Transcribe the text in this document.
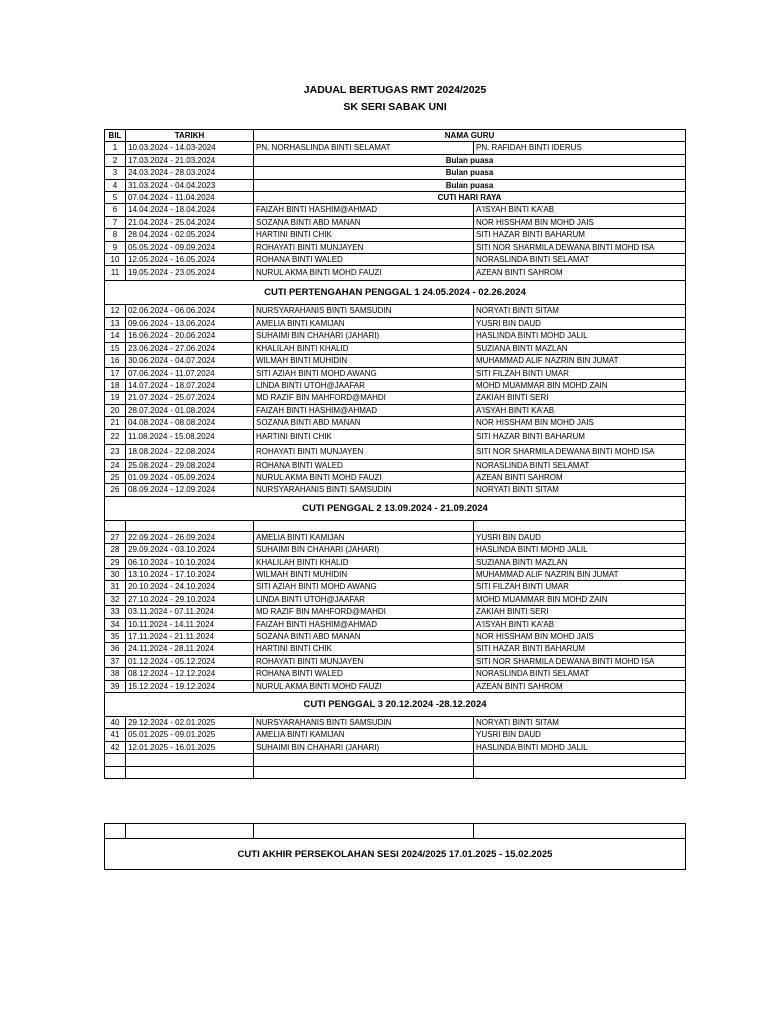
JADUAL BERTUGAS RMT 2024/2025
SK SERI SABAK UNI
BIL	TARIKH	NAMA GURU	
1	10.03.2024 - 14.03-2024	PN. NORHASLINDA BINTI SELAMAT	PN. RAFIDAH BINTI IDERUS
2	17.03.2024 - 21.03.2024	Bulan puasa	
3	24.03.2024 - 28.03.2024	Bulan puasa	
4	31.03.2024 - 04.04.2023	Bulan puasa	
5	07.04.2024 - 11.04.2024	CUTI HARI RAYA	
6	14.04.2024 - 18.04.2024	FAIZAH BINTI HASHIM@AHMAD	A'ISYAH BINTI KA'AB
7	21.04.2024 - 25.04.2024	SOZANA BINTI ABD MANAN	NOR HISSHAM BIN MOHD JAIS
8	28.04.2024 - 02.05.2024	HARTINI BINTI CHIK	SITI HAZAR BINTI BAHARUM
9	05.05.2024 - 09.09.2024	ROHAYATI BINTI MUNJAYEN	SITI NOR SHARMILA DEWANA BINTI MOHD ISA
10	12.05.2024 - 16.05.2024	ROHANA BINTI WALED	NORASLINDA BINTI SELAMAT
11	19.05.2024 - 23.05.2024	NURUL AKMA BINTI MOHD FAUZI	AZEAN BINTI SAHROM
CUTI PERTENGAHAN PENGGAL 1 24.05.2024 - 02.26.2024			
12	02.06.2024 - 06.06.2024	NURSYARAHANIS BINTI SAMSUDIN	NORYATI BINTI SITAM
13	09.06.2024 - 13.06.2024	AMELIA BINTI KAMIJAN	YUSRI BIN DAUD
14	16.06.2024 - 20.06.2024	SUHAIMI BIN CHAHARI (JAHARI)	HASLINDA BINTI MOHD JALIL
15	23.06.2024 - 27.06.2024	KHALILAH BINTI KHALID	SUZIANA BINTI MAZLAN
16	30.06.2024 - 04.07.2024	WILMAH BINTI MUHIDIN	MUHAMMAD ALIF NAZRIN BIN JUMAT
17	07.06.2024 - 11.07.2024	SITI AZIAH BINTI MOHD AWANG	SITI FILZAH BINTI UMAR
18	14.07.2024 - 18.07.2024	LINDA BINTI UTOH@JAAFAR	MOHD MUAMMAR BIN MOHD ZAIN
19	21.07.2024 - 25.07.2024	MD RAZIF BIN MAHFORD@MAHDI	ZAKIAH BINTI SERI
20	28.07.2024 - 01.08.2024	FAIZAH BINTI HASHIM@AHMAD	A'ISYAH BINTI KA'AB
21	04.08.2024 - 08.08.2024	SOZANA BINTI ABD MANAN	NOR HISSHAM BIN MOHD JAIS
22	11.08.2024 - 15.08.2024	HARTINI BINTI CHIK	SITI HAZAR BINTI BAHARUM
23	18.08.2024 - 22.08.2024	ROHAYATI BINTI MUNJAYEN	SITI NOR SHARMILA DEWANA BINTI MOHD ISA
24	25.08.2024 - 29.08.2024	ROHANA BINTI WALED	NORASLINDA BINTI SELAMAT
25	01.09.2024 - 05.09.2024	NURUL AKMA BINTI MOHD FAUZI	AZEAN BINTI SAHROM
26	08.09.2024 - 12.09.2024	NURSYARAHANIS BINTI SAMSUDIN	NORYATI BINTI SITAM
CUTI PENGGAL 2 13.09.2024 - 21.09.2024			

27	22.09.2024 - 26.09.2024	AMELIA BINTI KAMIJAN	YUSRI BIN DAUD
28	29.09.2024 - 03.10.2024	SUHAIMI BIN CHAHARI (JAHARI)	HASLINDA BINTI MOHD JALIL
29	06.10.2024 - 10.10.2024	KHALILAH BINTI KHALID	SUZIANA BINTI MAZLAN
30	13.10.2024 - 17.10.2024	WILMAH BINTI MUHIDIN	MUHAMMAD ALIF NAZRIN BIN JUMAT
31	20.10.2024 - 24.10.2024	SITI AZIAH BINTI MOHD AWANG	SITI FILZAH BINTI UMAR
32	27.10.2024 - 29.10.2024	LINDA BINTI UTOH@JAAFAR	MOHD MUAMMAR BIN MOHD ZAIN
33	03.11.2024 - 07.11.2024	MD RAZIF BIN MAHFORD@MAHDI	ZAKIAH BINTI SERI
34	10.11.2024 - 14.11.2024	FAIZAH BINTI HASHIM@AHMAD	A'ISYAH BINTI KA'AB
35	17.11.2024 - 21.11.2024	SOZANA BINTI ABD MANAN	NOR HISSHAM BIN MOHD JAIS
36	24.11.2024 - 28.11.2024	HARTINI BINTI CHIK	SITI HAZAR BINTI BAHARUM
37	01.12.2024 - 05.12.2024	ROHAYATI BINTI MUNJAYEN	SITI NOR SHARMILA DEWANA BINTI MOHD ISA
38	08.12.2024 - 12.12.2024	ROHANA BINTI WALED	NORASLINDA BINTI SELAMAT
39	15.12.2024 - 19.12.2024	NURUL AKMA BINTI MOHD FAUZI	AZEAN BINTI SAHROM
CUTI PENGGAL 3 20.12.2024 -28.12.2024			
40	29.12.2024 - 02.01.2025	NURSYARAHANIS BINTI SAMSUDIN	NORYATI BINTI SITAM
41	05.01.2025 - 09.01.2025	AMELIA BINTI KAMIJAN	YUSRI BIN DAUD
42	12.01.2025 - 16.01.2025	SUHAIMI BIN CHAHARI (JAHARI)	HASLINDA BINTI MOHD JALIL

CUTI AKHIR PERSEKOLAHAN SESI 2024/2025 17.01.2025 - 15.02.2025
